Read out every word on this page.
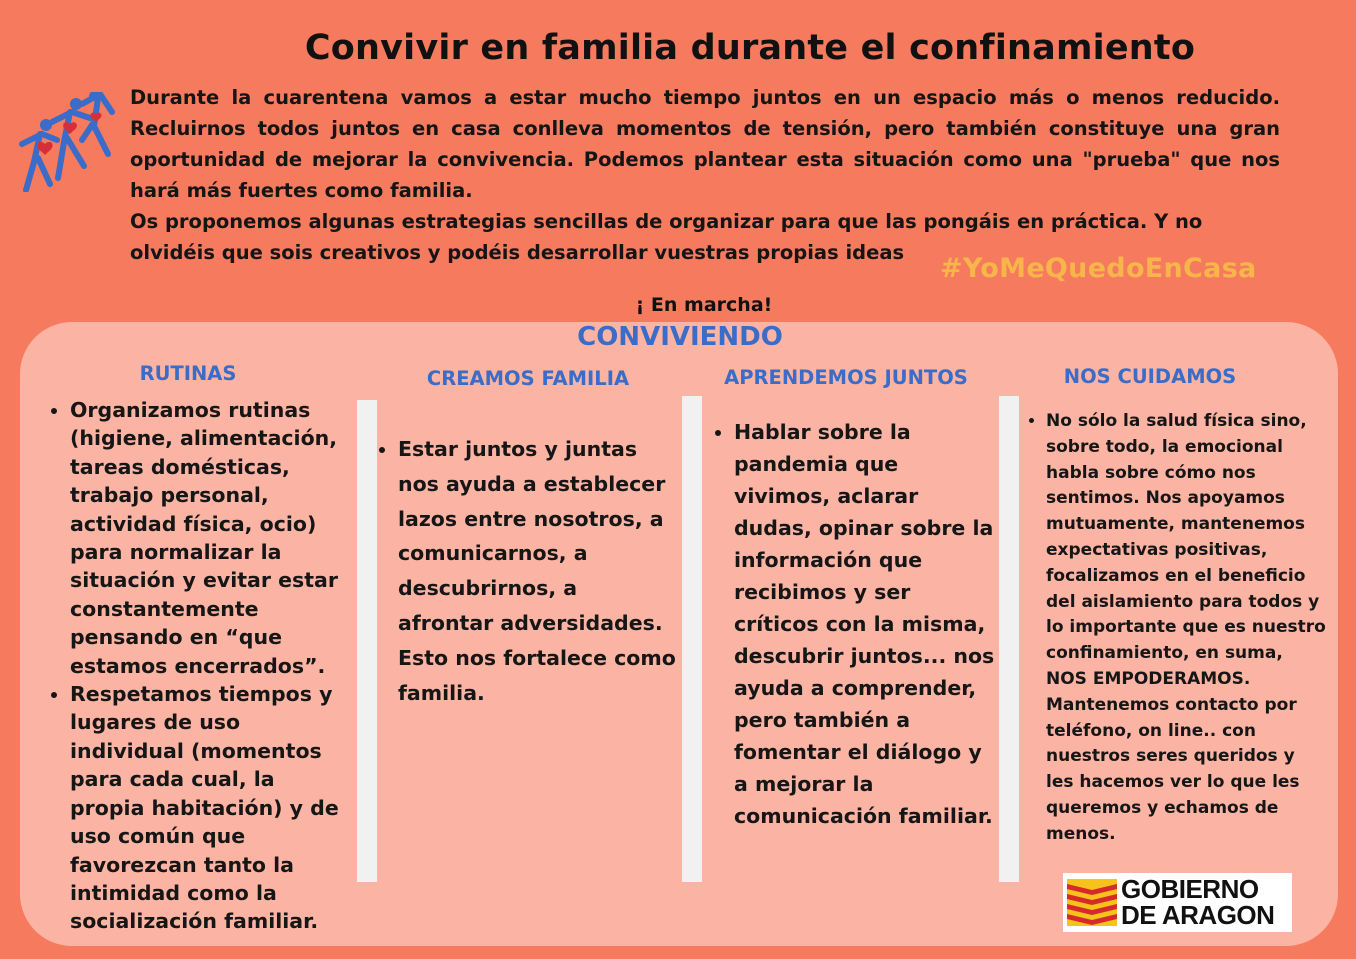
Convivir en familia durante el confinamiento

Durante la cuarentena vamos a estar mucho tiempo juntos en un espacio más o menos reducido. Recluirnos todos juntos en casa conlleva momentos de tensión, pero también constituye una gran oportunidad de mejorar la convivencia. Podemos plantear esta situación como una "prueba" que nos hará más fuertes como familia.

Os proponemos algunas estrategias sencillas de organizar para que las pongáis en práctica. Y no olvidéis que sois creativos y podéis desarrollar vuestras propias ideas

#YoMeQuedoEnCasa
¡ En marcha!
CONVIVIENDO
RUTINAS	CREAMOS FAMILIA	APRENDEMOS JUNTOS	NOS CUIDAMOS
• Organizamos rutinas (higiene, alimentación, tareas domésticas, trabajo personal, actividad física, ocio) para normalizar la situación y evitar estar constantemente pensando en “que estamos encerrados”.
• Respetamos tiempos y lugares de uso individual (momentos para cada cual, la propia habitación) y de uso común que favorezcan tanto la intimidad como la socialización familiar.
• Estar juntos y juntas nos ayuda a establecer lazos entre nosotros, a comunicarnos, a descubrirnos, a afrontar adversidades. Esto nos fortalece como familia.
• Hablar sobre la pandemia que vivimos, aclarar dudas, opinar sobre la información que recibimos y ser críticos con la misma, descubrir juntos... nos ayuda a comprender, pero también a fomentar el diálogo y a mejorar la comunicación familiar.
• No sólo la salud física sino, sobre todo, la emocional habla sobre cómo nos sentimos. Nos apoyamos mutuamente, mantenemos expectativas positivas, focalizamos en el beneficio del aislamiento para todos y lo importante que es nuestro confinamiento, en suma, NOS EMPODERAMOS. Mantenemos contacto por teléfono, on line.. con nuestros seres queridos y les hacemos ver lo que les queremos y echamos de menos.
GOBIERNO
DE ARAGON
